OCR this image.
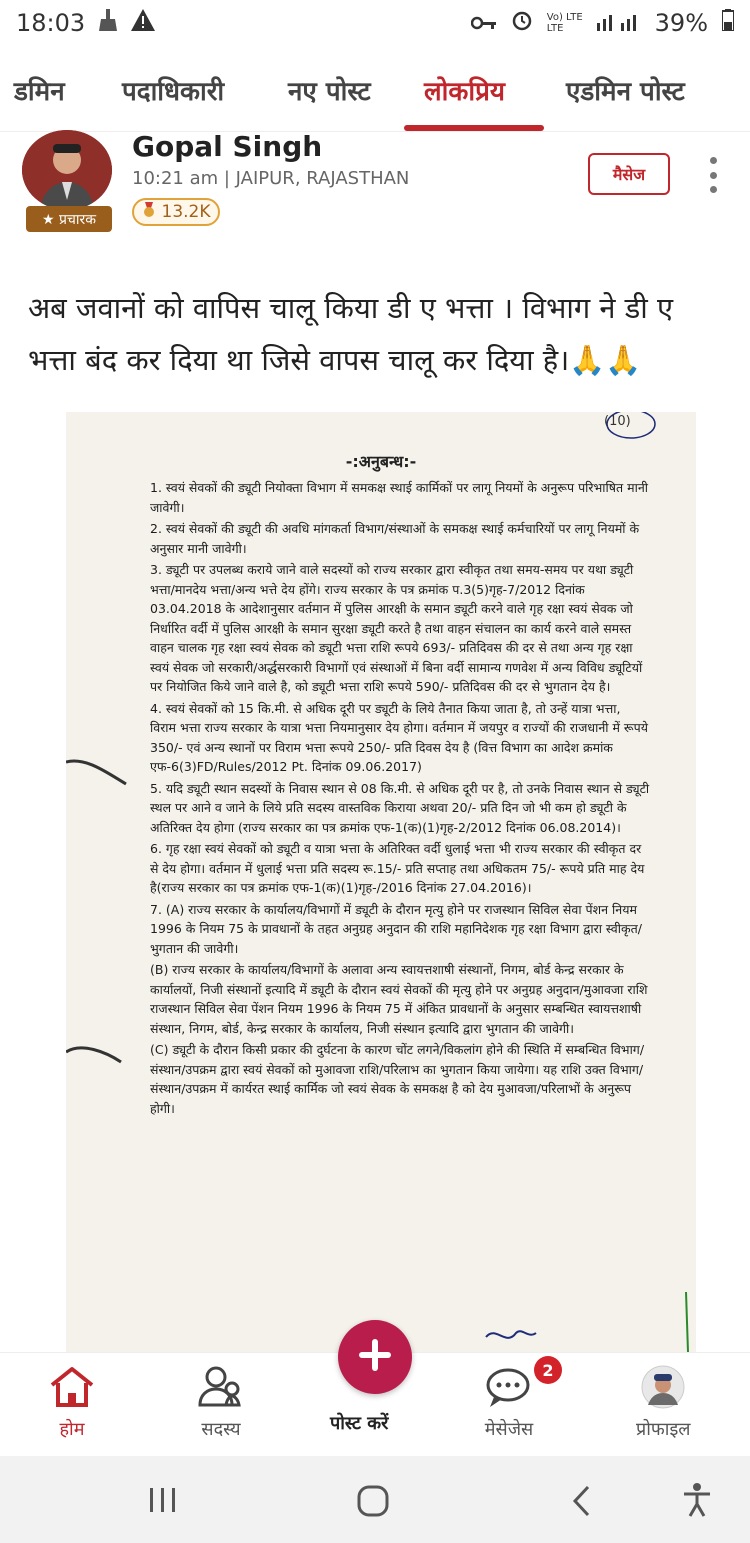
18:03	Vo) LTE
LTE	39%
डमिन पदाधिकारी नए पोस्ट लोकप्रिय एडमिन पोस्ट
★ प्रचारक
Gopal Singh
10:21 am | JAIPUR, RAJASTHAN
13.2K
मैसेज
अब जवानों को वापिस चालू किया डी ए भत्ता । विभाग ने डी ए भत्ता बंद कर दिया था जिसे वापस चालू कर दिया है।🙏🙏
(10)
-:अनुबन्ध:-

1. स्वयं सेवकों की ड्यूटी नियोक्ता विभाग में समकक्ष स्थाई कार्मिकों पर लागू नियमों के अनुरूप परिभाषित मानी जावेगी।

2. स्वयं सेवकों की ड्यूटी की अवधि मांगकर्ता विभाग/संस्थाओं के समकक्ष स्थाई कर्मचारियों पर लागू नियमों के अनुसार मानी जावेगी।

3. ड्यूटी पर उपलब्ध कराये जाने वाले सदस्यों को राज्य सरकार द्वारा स्वीकृत तथा समय-समय पर यथा ड्यूटी भत्ता/मानदेय भत्ता/अन्य भत्ते देय होंगे। राज्य सरकार के पत्र क्रमांक प.3(5)गृह-7/2012 दिनांक 03.04.2018 के आदेशानुसार वर्तमान में पुलिस आरक्षी के समान ड्यूटी करने वाले गृह रक्षा स्वयं सेवक जो निर्धारित वर्दी में पुलिस आरक्षी के समान सुरक्षा ड्यूटी करते है तथा वाहन संचालन का कार्य करने वाले समस्त वाहन चालक गृह रक्षा स्वयं सेवक को ड्यूटी भत्ता राशि रूपये 693/- प्रतिदिवस की दर से तथा अन्य गृह रक्षा स्वयं सेवक जो सरकारी/अर्द्धसरकारी विभागों एवं संस्थाओं में बिना वर्दी सामान्य गणवेश में अन्य विविध ड्यूटियों पर नियोजित किये जाने वाले है, को ड्यूटी भत्ता राशि रूपये 590/- प्रतिदिवस की दर से भुगतान देय है।

4. स्वयं सेवकों को 15 कि.मी. से अधिक दूरी पर ड्यूटी के लिये तैनात किया जाता है, तो उन्हें यात्रा भत्ता, विराम भत्ता राज्य सरकार के यात्रा भत्ता नियमानुसार देय होगा। वर्तमान में जयपुर व राज्यों की राजधानी में रूपये 350/- एवं अन्य स्थानों पर विराम भत्ता रूपये 250/- प्रति दिवस देय है (वित्त विभाग का आदेश क्रमांक एफ-6(3)FD/Rules/2012 Pt. दिनांक 09.06.2017)

5. यदि ड्यूटी स्थान सदस्यों के निवास स्थान से 08 कि.मी. से अधिक दूरी पर है, तो उनके निवास स्थान से ड्यूटी स्थल पर आने व जाने के लिये प्रति सदस्य वास्तविक किराया अथवा 20/- प्रति दिन जो भी कम हो ड्यूटी के अतिरिक्त देय होगा (राज्य सरकार का पत्र क्रमांक एफ-1(क)(1)गृह-2/2012 दिनांक 06.08.2014)।

6. गृह रक्षा स्वयं सेवकों को ड्यूटी व यात्रा भत्ता के अतिरिक्त वर्दी धुलाई भत्ता भी राज्य सरकार की स्वीकृत दर से देय होगा। वर्तमान में धुलाई भत्ता प्रति सदस्य रू.15/- प्रति सप्ताह तथा अधिकतम 75/- रूपये प्रति माह देय है(राज्य सरकार का पत्र क्रमांक एफ-1(क)(1)गृह-/2016 दिनांक 27.04.2016)।

7. (A) राज्य सरकार के कार्यालय/विभागों में ड्यूटी के दौरान मृत्यु होने पर राजस्थान सिविल सेवा पेंशन नियम 1996 के नियम 75 के प्रावधानों के तहत अनुग्रह अनुदान की राशि महानिदेशक गृह रक्षा विभाग द्वारा स्वीकृत/भुगतान की जावेगी।

(B) राज्य सरकार के कार्यालय/विभागों के अलावा अन्य स्वायत्तशाषी संस्थानों, निगम, बोर्ड केन्द्र सरकार के कार्यालयों, निजी संस्थानों इत्यादि में ड्यूटी के दौरान स्वयं सेवकों की मृत्यु होने पर अनुग्रह अनुदान/मुआवजा राशि राजस्थान सिविल सेवा पेंशन नियम 1996 के नियम 75 में अंकित प्रावधानों के अनुसार सम्बन्धित स्वायत्तशाषी संस्थान, निगम, बोर्ड, केन्द्र सरकार के कार्यालय, निजी संस्थान इत्यादि द्वारा भुगतान की जावेगी।

(C) ड्यूटी के दौरान किसी प्रकार की दुर्घटना के कारण चोंट लगने/विकलांग होने की स्थिति में सम्बन्धित विभाग/संस्थान/उपक्रम द्वारा स्वयं सेवकों को मुआवजा राशि/परिलाभ का भुगतान किया जायेगा। यह राशि उक्त विभाग/संस्थान/उपक्रम में कार्यरत स्थाई कार्मिक जो स्वयं सेवक के समकक्ष है को देय मुआवजा/परिलाभों के अनुरूप होगी।

होम	सदस्य	पोस्ट करें	मेसेजेस	प्रोफाइल
2
